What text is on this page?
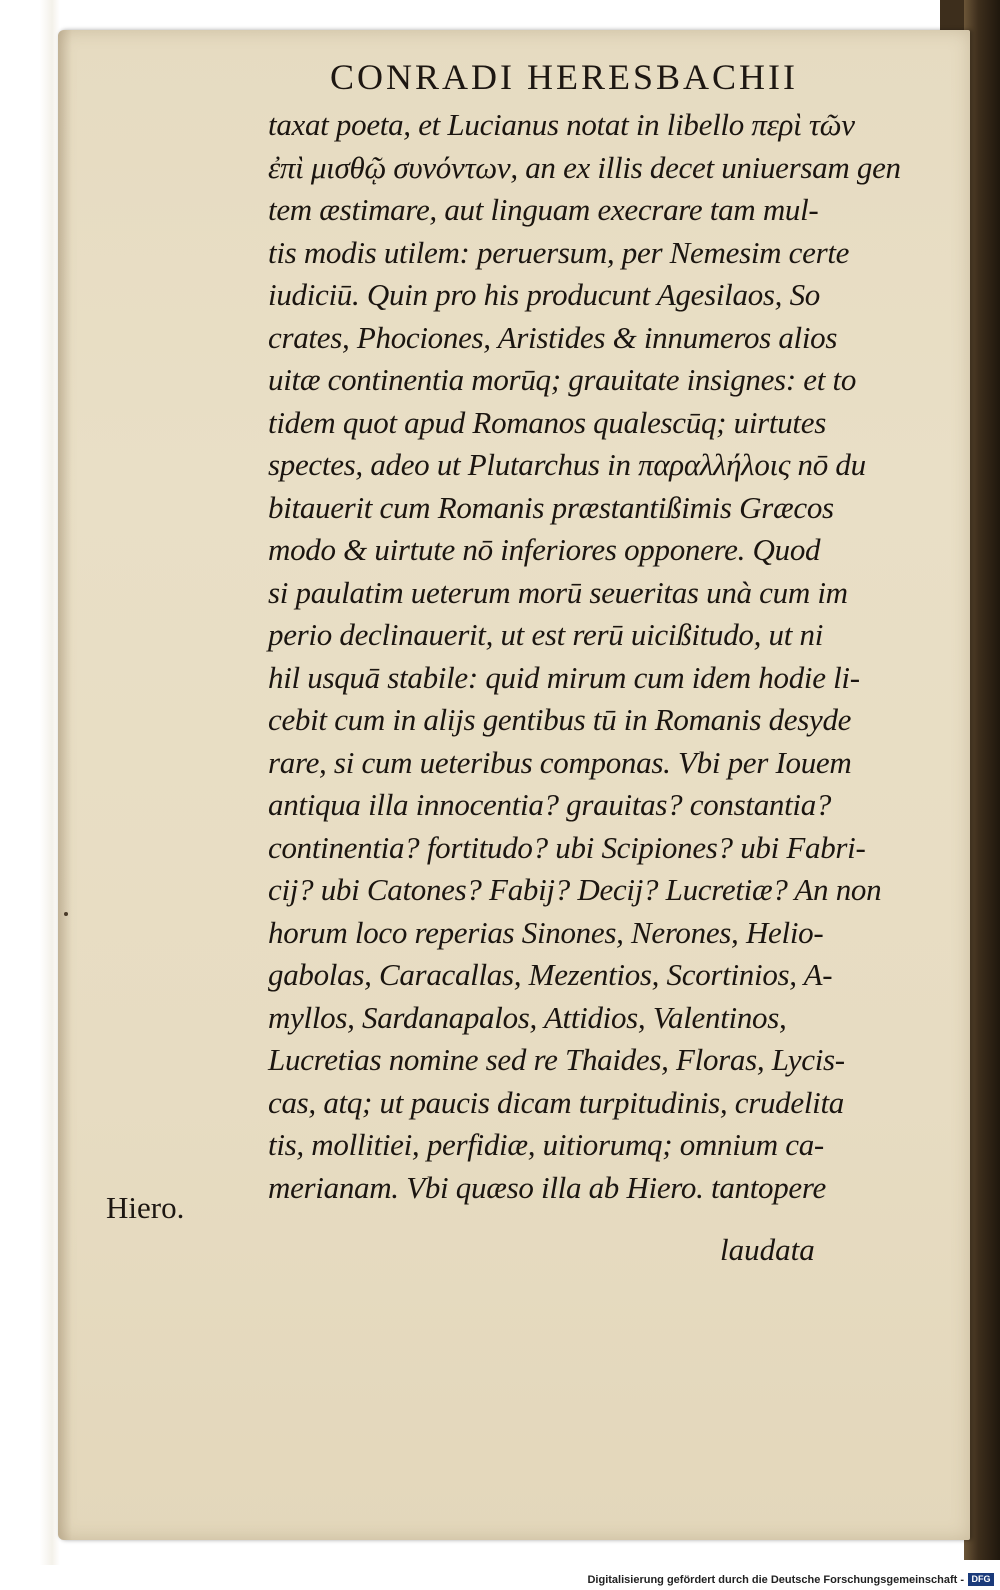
CONRADI HERESBACHII
taxat poeta, et Lucianus notat in libello περὶ τῶν
ἐπὶ μισθῷ συνόντων, an ex illis decet uniuersam gen
tem æstimare, aut linguam execrare tam mul-
tis modis utilem: peruersum, per Nemesim certe
iudiciū. Quin pro his producunt Agesilaos, So
crates, Phociones, Aristides & innumeros alios
uitæ continentia morūq; grauitate insignes: et to
tidem quot apud Romanos qualescūq; uirtutes
spectes, adeo ut Plutarchus in παραλλήλοις nō du
bitauerit cum Romanis præstantißimis Græcos
modo & uirtute nō inferiores opponere. Quod
si paulatim ueterum morū seueritas unà cum im
perio declinauerit, ut est rerū uicißitudo, ut ni
hil usquā stabile: quid mirum cum idem hodie li-
cebit cum in alijs gentibus tū in Romanis desyde
rare, si cum ueteribus componas. Vbi per Iouem
antiqua illa innocentia? grauitas? constantia?
continentia? fortitudo? ubi Scipiones? ubi Fabri-
cij? ubi Catones? Fabij? Decij? Lucretiæ? An non
horum loco reperias Sinones, Nerones, Helio-
gabolas, Caracallas, Mezentios, Scortinios, A-
myllos, Sardanapalos, Attidios, Valentinos,
Lucretias nomine sed re Thaides, Floras, Lycis-
cas, atq; ut paucis dicam turpitudinis, crudelita
tis, mollitiei, perfidiæ, uitiorumq; omnium ca-
merianam. Vbi quæso illa ab Hiero. tantopere
Hiero.
laudata
Digitalisierung gefördert durch die Deutsche Forschungsgemeinschaft - DFG
